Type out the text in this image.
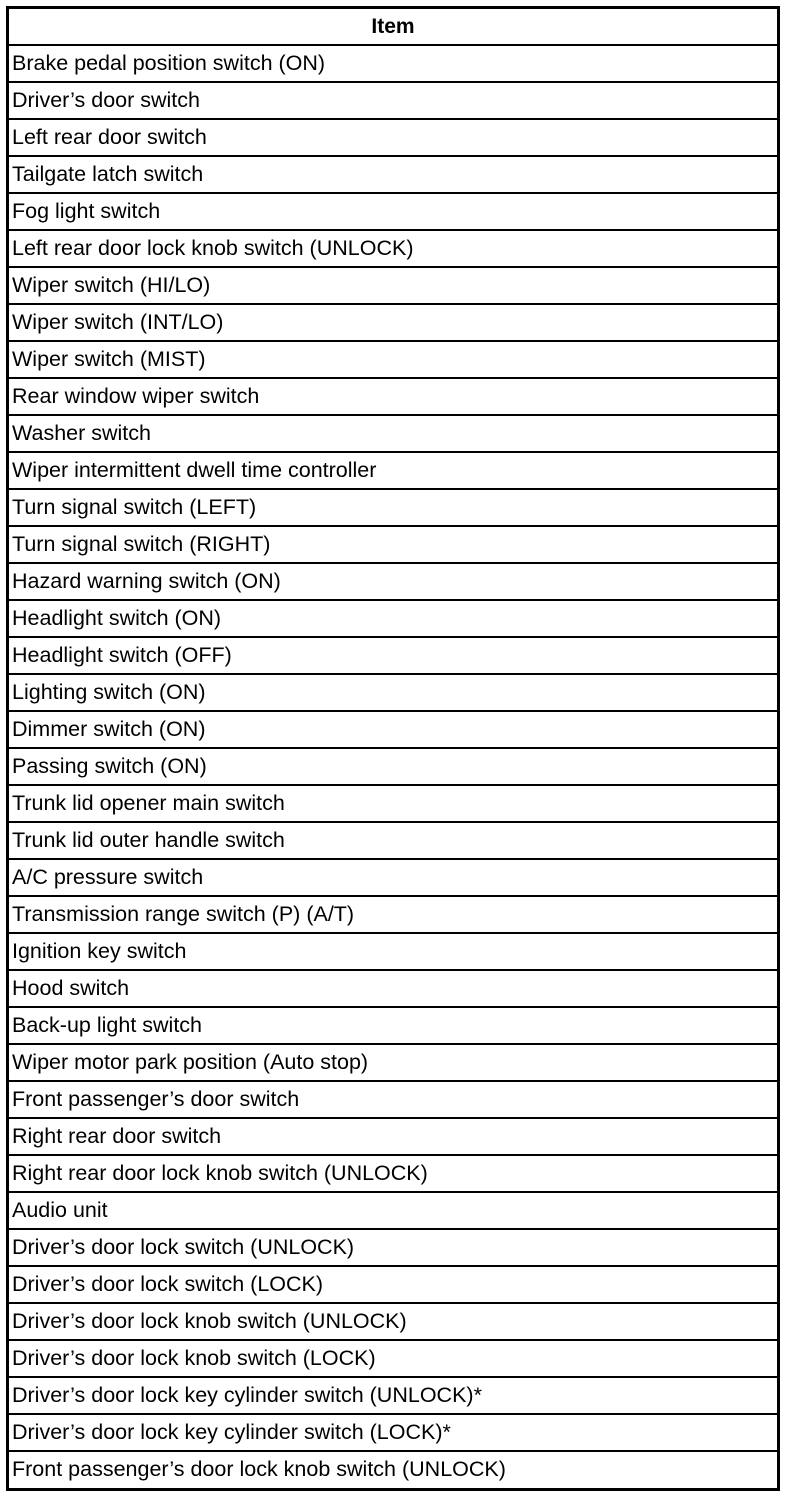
Item
Brake pedal position switch (ON)
Driver’s door switch
Left rear door switch
Tailgate latch switch
Fog light switch
Left rear door lock knob switch (UNLOCK)
Wiper switch (HI/LO)
Wiper switch (INT/LO)
Wiper switch (MIST)
Rear window wiper switch
Washer switch
Wiper intermittent dwell time controller
Turn signal switch (LEFT)
Turn signal switch (RIGHT)
Hazard warning switch (ON)
Headlight switch (ON)
Headlight switch (OFF)
Lighting switch (ON)
Dimmer switch (ON)
Passing switch (ON)
Trunk lid opener main switch
Trunk lid outer handle switch
A/C pressure switch
Transmission range switch (P) (A/T)
Ignition key switch
Hood switch
Back-up light switch
Wiper motor park position (Auto stop)
Front passenger’s door switch
Right rear door switch
Right rear door lock knob switch (UNLOCK)
Audio unit
Driver’s door lock switch (UNLOCK)
Driver’s door lock switch (LOCK)
Driver’s door lock knob switch (UNLOCK)
Driver’s door lock knob switch (LOCK)
Driver’s door lock key cylinder switch (UNLOCK)*
Driver’s door lock key cylinder switch (LOCK)*
Front passenger’s door lock knob switch (UNLOCK)
